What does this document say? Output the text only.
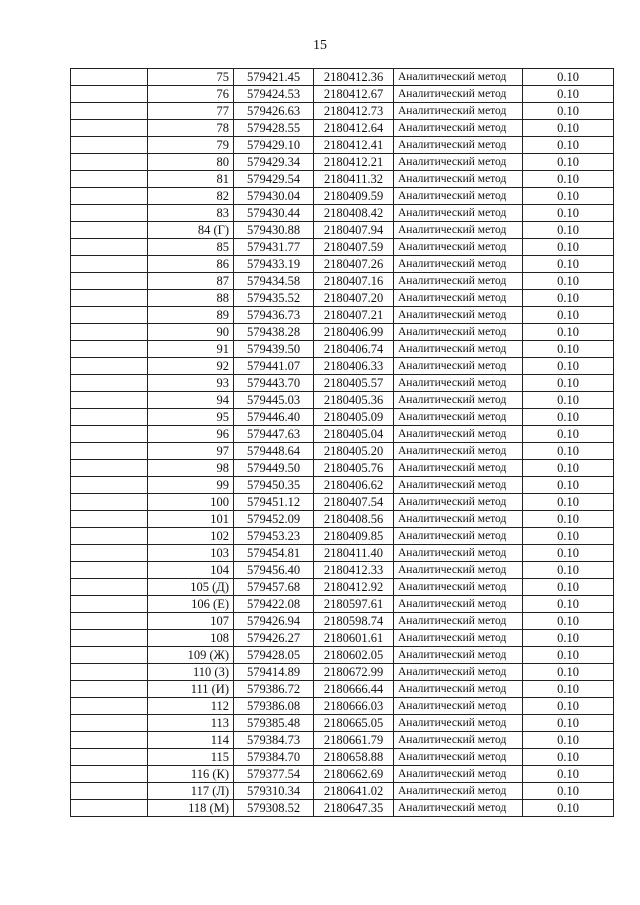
15
	75	579421.45	2180412.36	Аналитический метод	0.10
	76	579424.53	2180412.67	Аналитический метод	0.10
	77	579426.63	2180412.73	Аналитический метод	0.10
	78	579428.55	2180412.64	Аналитический метод	0.10
	79	579429.10	2180412.41	Аналитический метод	0.10
	80	579429.34	2180412.21	Аналитический метод	0.10
	81	579429.54	2180411.32	Аналитический метод	0.10
	82	579430.04	2180409.59	Аналитический метод	0.10
	83	579430.44	2180408.42	Аналитический метод	0.10
	84 (Г)	579430.88	2180407.94	Аналитический метод	0.10
	85	579431.77	2180407.59	Аналитический метод	0.10
	86	579433.19	2180407.26	Аналитический метод	0.10
	87	579434.58	2180407.16	Аналитический метод	0.10
	88	579435.52	2180407.20	Аналитический метод	0.10
	89	579436.73	2180407.21	Аналитический метод	0.10
	90	579438.28	2180406.99	Аналитический метод	0.10
	91	579439.50	2180406.74	Аналитический метод	0.10
	92	579441.07	2180406.33	Аналитический метод	0.10
	93	579443.70	2180405.57	Аналитический метод	0.10
	94	579445.03	2180405.36	Аналитический метод	0.10
	95	579446.40	2180405.09	Аналитический метод	0.10
	96	579447.63	2180405.04	Аналитический метод	0.10
	97	579448.64	2180405.20	Аналитический метод	0.10
	98	579449.50	2180405.76	Аналитический метод	0.10
	99	579450.35	2180406.62	Аналитический метод	0.10
	100	579451.12	2180407.54	Аналитический метод	0.10
	101	579452.09	2180408.56	Аналитический метод	0.10
	102	579453.23	2180409.85	Аналитический метод	0.10
	103	579454.81	2180411.40	Аналитический метод	0.10
	104	579456.40	2180412.33	Аналитический метод	0.10
	105 (Д)	579457.68	2180412.92	Аналитический метод	0.10
	106 (Е)	579422.08	2180597.61	Аналитический метод	0.10
	107	579426.94	2180598.74	Аналитический метод	0.10
	108	579426.27	2180601.61	Аналитический метод	0.10
	109 (Ж)	579428.05	2180602.05	Аналитический метод	0.10
	110 (З)	579414.89	2180672.99	Аналитический метод	0.10
	111 (И)	579386.72	2180666.44	Аналитический метод	0.10
	112	579386.08	2180666.03	Аналитический метод	0.10
	113	579385.48	2180665.05	Аналитический метод	0.10
	114	579384.73	2180661.79	Аналитический метод	0.10
	115	579384.70	2180658.88	Аналитический метод	0.10
	116 (К)	579377.54	2180662.69	Аналитический метод	0.10
	117 (Л)	579310.34	2180641.02	Аналитический метод	0.10
	118 (М)	579308.52	2180647.35	Аналитический метод	0.10
